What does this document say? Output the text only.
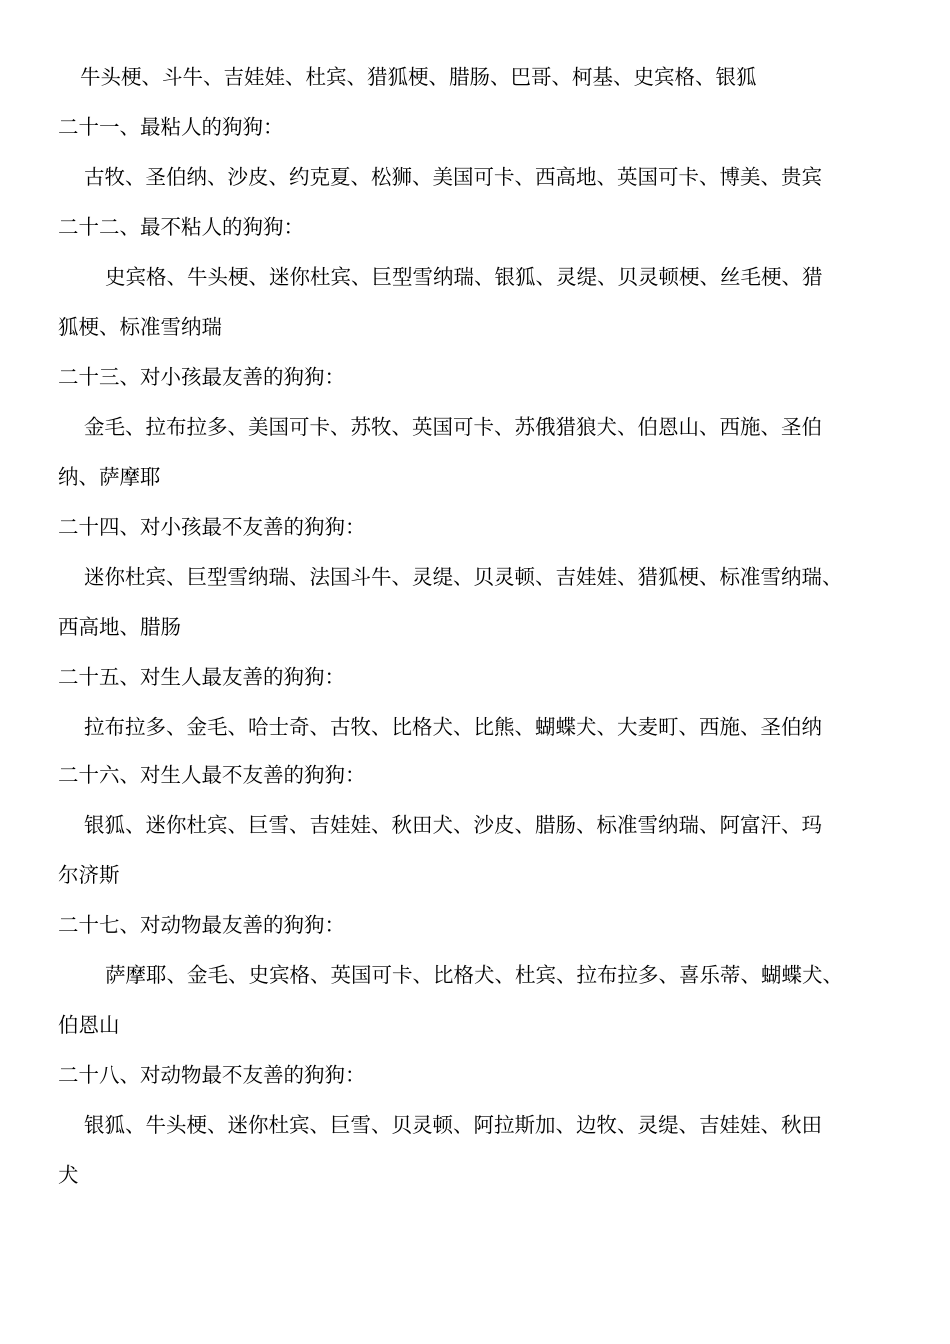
牛头梗、斗牛、吉娃娃、杜宾、猎狐梗、腊肠、巴哥、柯基、史宾格、银狐
二十一、最粘人的狗狗：
古牧、圣伯纳、沙皮、约克夏、松狮、美国可卡、西高地、英国可卡、博美、贵宾
二十二、最不粘人的狗狗：
史宾格、牛头梗、迷你杜宾、巨型雪纳瑞、银狐、灵缇、贝灵顿梗、丝毛梗、猎
狐梗、标准雪纳瑞
二十三、对小孩最友善的狗狗：
金毛、拉布拉多、美国可卡、苏牧、英国可卡、苏俄猎狼犬、伯恩山、西施、圣伯
纳、萨摩耶
二十四、对小孩最不友善的狗狗：
迷你杜宾、巨型雪纳瑞、法国斗牛、灵缇、贝灵顿、吉娃娃、猎狐梗、标准雪纳瑞、
西高地、腊肠
二十五、对生人最友善的狗狗：
拉布拉多、金毛、哈士奇、古牧、比格犬、比熊、蝴蝶犬、大麦町、西施、圣伯纳
二十六、对生人最不友善的狗狗：
银狐、迷你杜宾、巨雪、吉娃娃、秋田犬、沙皮、腊肠、标准雪纳瑞、阿富汗、玛
尔济斯
二十七、对动物最友善的狗狗：
萨摩耶、金毛、史宾格、英国可卡、比格犬、杜宾、拉布拉多、喜乐蒂、蝴蝶犬、
伯恩山
二十八、对动物最不友善的狗狗：
银狐、牛头梗、迷你杜宾、巨雪、贝灵顿、阿拉斯加、边牧、灵缇、吉娃娃、秋田
犬
